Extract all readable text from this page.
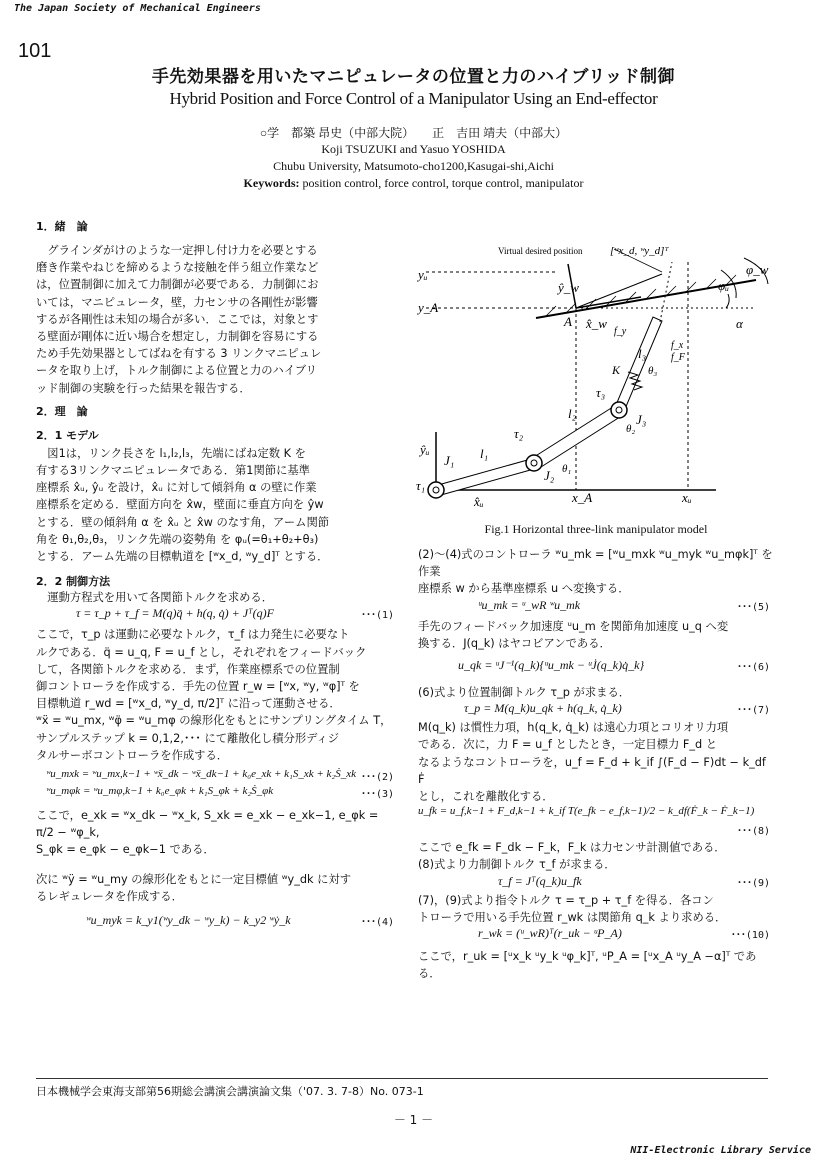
The Japan Society of Mechanical Engineers
101
手先効果器を用いたマニピュレータの位置と力のハイブリッド制御
Hybrid Position and Force Control of a Manipulator Using an End-effector
○学　都築 昂史（中部大院）　　正　吉田 靖夫（中部大）
Koji TSUZUKI and Yasuo YOSHIDA
Chubu University, Matsumoto-cho1200,Kasugai-shi,Aichi
Keywords: position control, force control, torque control, manipulator
1．緒　論

　グラインダがけのような一定押し付け力を必要とする

磨き作業やねじを締めるような接触を伴う組立作業など

は，位置制御に加えて力制御が必要である．力制御にお

いては，マニピュレータ，壁，力センサの各剛性が影響

するが各剛性は未知の場合が多い．ここでは，対象とす

る壁面が剛体に近い場合を想定し，力制御を容易にする

ため手先効果器としてばねを有する 3 リンクマニピュレ

ータを取り上げ，トルク制御による位置と力のハイブリ

ッド制御の実験を行った結果を報告する．

2．理　論
2．1 モデル

　図1は，リンク長さを l₁,l₂,l₃，先端にばね定数 K を

有する3リンクマニピュレータである．第1関節に基準

座標系 x̂ᵤ, ŷᵤ を設け，x̂ᵤ に対して傾斜角 α の壁に作業

座標系を定める．壁面方向を x̂w，壁面に垂直方向を ŷw

とする．壁の傾斜角 α を x̂ᵤ と x̂w のなす角，アーム関節

角を θ₁,θ₂,θ₃，リンク先端の姿勢角 を φᵤ(=θ₁+θ₂+θ₃)

とする．アーム先端の目標軌道を [ʷx_d, ʷy_d]ᵀ とする．

2．2 制御方法

　運動方程式を用いて各関節トルクを求める．

τ = τ_p + τ_f = M(q)q̈ + h(q, q̇) + Jᵀ(q)F	･･･(1)

ここで，τ_p は運動に必要なトルク，τ_f は力発生に必要なト

ルクである．q̈ = u_q, F = u_f とし，それぞれをフィードバック

して，各関節トルクを求める．まず，作業座標系での位置制

御コントローラを作成する．手先の位置 r_w = [ʷx, ʷy, ʷφ]ᵀ を

目標軌道 r_wd = [ʷx_d, ʷy_d, π/2]ᵀ に沿って運動させる．

ʷẍ = ʷu_mx, ʷφ̈ = ʷu_mφ の線形化をもとにサンプリングタイム T，

サンプルステップ k = 0,1,2,･･･ にて離散化し積分形ディジ

タルサーボコントローラを作成する．

ʷu_mxk = ʷu_mx,k−1 + ʷẍ_dk − ʷẍ_dk−1 + k₀e_xk + k₁S_xk + k₂Ṡ_xk ･･･(2)
ʷu_mφk = ʷu_mφ,k−1 + k₀e_φk + k₁S_φk + k₂Ṡ_φk	･･･(3)

ここで，e_xk = ʷx_dk − ʷx_k, S_xk = e_xk − e_xk−1, e_φk = π/2 − ʷφ_k,

S_φk = e_φk − e_φk−1 である．

次に ʷÿ = ʷu_my の線形化をもとに一定目標値 ʷy_dk に対す

るレギュレータを作成する．

ʷu_myk = k_y1(ʷy_dk − ʷy_k) − k_y2 ʷẏ_k	･･･(4)
yᵤ
y_A
ŷ_w
A x̂_w
f_y
f_x
f_F
K
l₃
θ₃
J₃
τ₃
l₂
θ₂
τ₂
J₂
l₁
θ₁
J₁
τ₁
ŷᵤ
x̂ᵤ	x_A	xᵤ
φ_w
φᵤ
α
Virtual desired position	[ʷx_d, ʷy_d]ᵀ
Fig.1 Horizontal three-link manipulator model

(2)～(4)式のコントローラ ʷu_mk = [ʷu_mxk ʷu_myk ʷu_mφk]ᵀ を作業

座標系 w から基準座標系 u へ変換する．

ᵘu_mk = ᵘ_wR ʷu_mk	･･･(5)

手先のフィードバック加速度 ᵘu_m を関節角加速度 u_q へ変

換する．J(q_k) はヤコビアンである．

u_qk = ᵘJ⁻¹(q_k){ᵘu_mk − ᵘJ̇(q_k)q̇_k}	･･･(6)

(6)式より位置制御トルク τ_p が求まる．

τ_p = M(q_k)u_qk + h(q_k, q̇_k)	･･･(7)

M(q_k) は慣性力項，h(q_k, q̇_k) は遠心力項とコリオリ力項

である．次に，力 F = u_f としたとき，一定目標力 F_d と

なるようなコントローラを，u_f = F_d + k_if ∫(F_d − F)dt − k_df Ḟ

とし，これを離散化する．

u_fk = u_f,k−1 + F_d,k−1 + k_if T(e_fk − e_f,k−1)/2 − k_df(Ḟ_k − Ḟ_k−1)
･･･(8)

ここで e_fk = F_dk − F_k，F_k は力センサ計測値である．

(8)式より力制御トルク τ_f が求まる．

τ_f = Jᵀ(q_k)u_fk	･･･(9)

(7)，(9)式より指令トルク τ = τ_p + τ_f を得る．各コン

トローラで用いる手先位置 r_wk は関節角 q_k より求める．

r_wk = (ᵘ_wR)ᵀ(r_uk − ᵘP_A)	･･･(10)

ここで，r_uk = [ᵘx_k ᵘy_k ᵘφ_k]ᵀ, ᵘP_A = [ᵘx_A ᵘy_A −α]ᵀ である．

日本機械学会東海支部第56期総会講演会講演論文集（'07. 3. 7-8）No. 073-1
－ 1 －
NII-Electronic Library Service
